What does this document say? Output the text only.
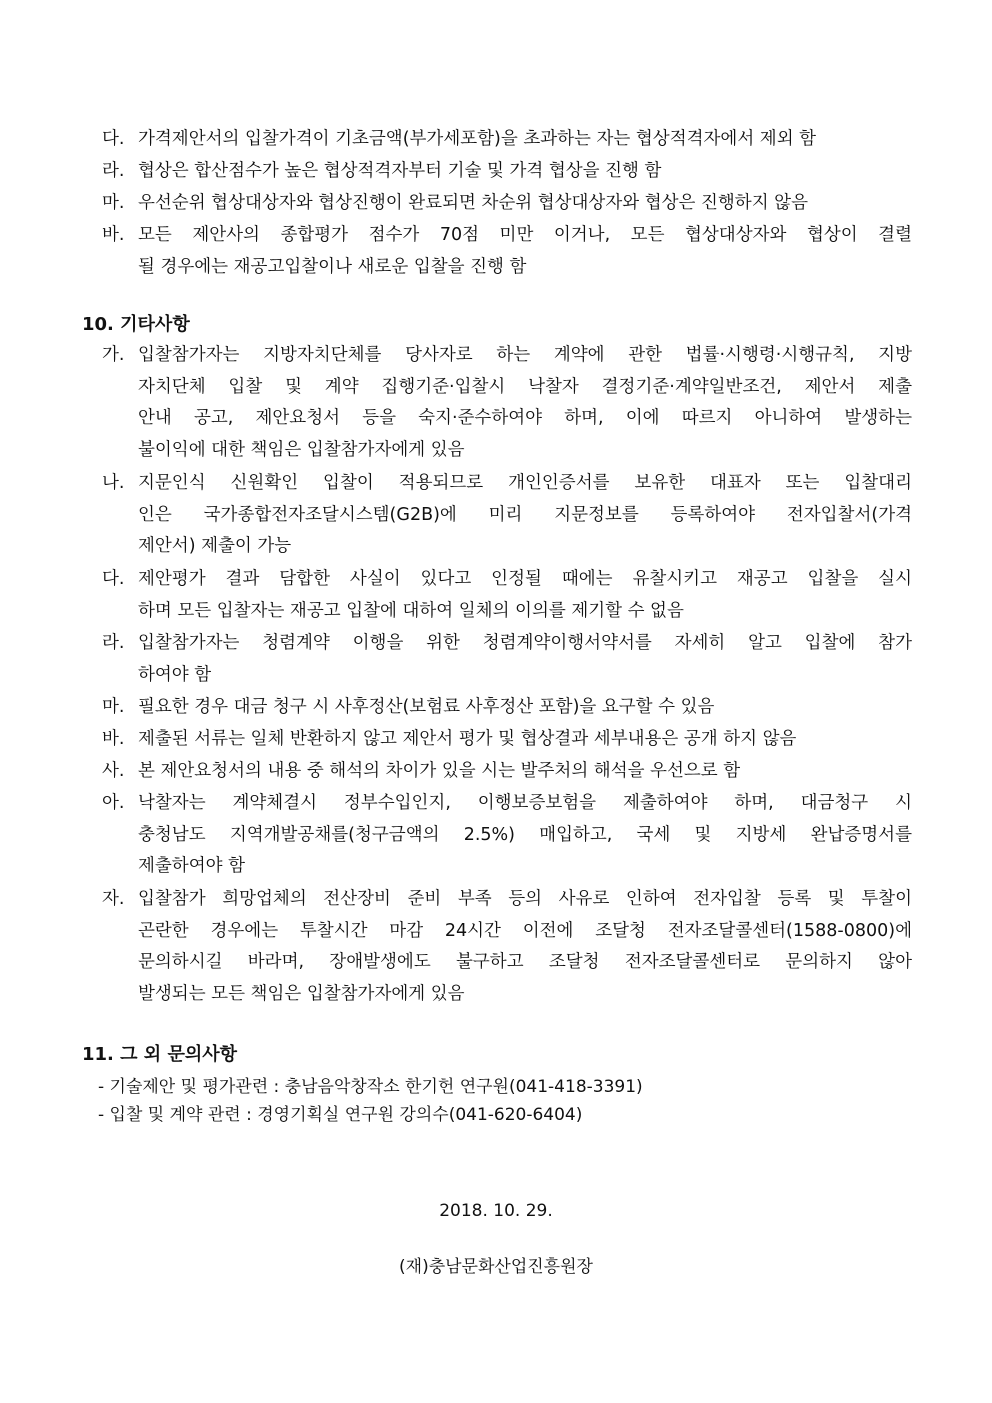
다. 가격제안서의 입찰가격이 기초금액(부가세포함)을 초과하는 자는 협상적격자에서 제외 함
라. 협상은 합산점수가 높은 협상적격자부터 기술 및 가격 협상을 진행 함
마. 우선순위 협상대상자와 협상진행이 완료되면 차순위 협상대상자와 협상은 진행하지 않음
바. 모든 제안사의 종합평가 점수가 70점 미만 이거나, 모든 협상대상자와 협상이 결렬
될 경우에는 재공고입찰이나 새로운 입찰을 진행 함
10. 기타사항
가. 입찰참가자는 지방자치단체를 당사자로 하는 계약에 관한 법률·시행령·시행규칙, 지방
자치단체 입찰 및 계약 집행기준·입찰시 낙찰자 결정기준·계약일반조건, 제안서 제출
안내 공고, 제안요청서 등을 숙지·준수하여야 하며, 이에 따르지 아니하여 발생하는
불이익에 대한 책임은 입찰참가자에게 있음
나. 지문인식 신원확인 입찰이 적용되므로 개인인증서를 보유한 대표자 또는 입찰대리
인은 국가종합전자조달시스템(G2B)에 미리 지문정보를 등록하여야 전자입찰서(가격
제안서) 제출이 가능
다. 제안평가 결과 담합한 사실이 있다고 인정될 때에는 유찰시키고 재공고 입찰을 실시
하며 모든 입찰자는 재공고 입찰에 대하여 일체의 이의를 제기할 수 없음
라. 입찰참가자는 청렴계약 이행을 위한 청렴계약이행서약서를 자세히 알고 입찰에 참가
하여야 함
마. 필요한 경우 대금 청구 시 사후정산(보험료 사후정산 포함)을 요구할 수 있음
바. 제출된 서류는 일체 반환하지 않고 제안서 평가 및 협상결과 세부내용은 공개 하지 않음
사. 본 제안요청서의 내용 중 해석의 차이가 있을 시는 발주처의 해석을 우선으로 함
아. 낙찰자는 계약체결시 정부수입인지, 이행보증보험을 제출하여야 하며, 대금청구 시
충청남도 지역개발공채를(청구금액의 2.5%) 매입하고, 국세 및 지방세 완납증명서를
제출하여야 함
자. 입찰참가 희망업체의 전산장비 준비 부족 등의 사유로 인하여 전자입찰 등록 및 투찰이
곤란한 경우에는 투찰시간 마감 24시간 이전에 조달청 전자조달콜센터(1588-0800)에
문의하시길 바라며, 장애발생에도 불구하고 조달청 전자조달콜센터로 문의하지 않아
발생되는 모든 책임은 입찰참가자에게 있음
11. 그 외 문의사항
- 기술제안 및 평가관련 : 충남음악창작소 한기헌 연구원(041-418-3391)
- 입찰 및 계약 관련 : 경영기획실 연구원 강의수(041-620-6404)
2018. 10. 29.
(재)충남문화산업진흥원장
